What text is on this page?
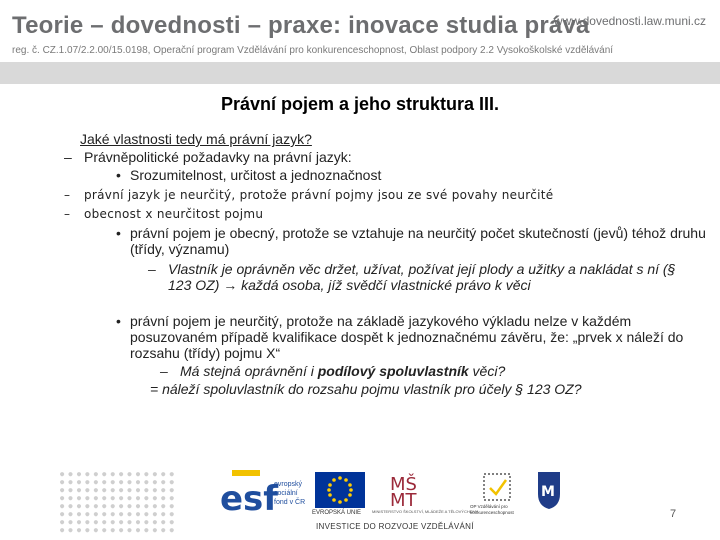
Teorie – dovednosti – praxe: inovace studia práva
www.dovednosti.law.muni.cz
reg. č. CZ.1.07/2.2.00/15.0198, Operační program Vzdělávání pro konkurenceschopnost, Oblast podpory 2.2 Vysokoškolské vzdělávání
Právní pojem a jeho struktura III.
Jaké vlastnosti tedy má právní jazyk?
– Právněpolitické požadavky na právní jazyk:
• Srozumitelnost, určitost a jednoznačnost
– právní jazyk je neurčitý, protože právní pojmy jsou ze své povahy neurčité
– obecnost x neurčitost pojmu
• právní pojem je obecný, protože se vztahuje na neurčitý počet skutečností (jevů) téhož druhu (třídy, významu)
– Vlastník je oprávněn věc držet, užívat, požívat její plody a užitky a nakládat s ní (§ 123 OZ) → každá osoba, jíž svědčí vlastnické právo k věci
• právní pojem je neurčitý, protože na základě jazykového výkladu nelze v každém posuzovaném případě kvalifikace dospět k jednoznačnému závěru, že: „prvek x náleží do rozsahu (třídy) pojmu X“
– Má stejná oprávnění i podílový spoluvlastník věci?
= náleží spoluvlastník do rozsahu pojmu vlastník pro účely § 123 OZ?
● ● ● ● ● ● ● ● ● ● ● ● ● ●
● ● ● ● ● ● ● ● ● ● ● ● ● ●
● ● ● ● ● ● ● ● ● ● ● ● ● ●
● ● ● ● ● ● ● ● ● ● ● ● ● ●
● ● ● ● ● ● ● ● ● ● ● ● ● ●
● ● ● ● ● ● ● ● ● ● ● ● ● ●
● ● ● ● ● ● ● ● ● ● ● ● ● ●
● ● ● ● ● ● ● ● ● ● ● ● ● ●
esf
evropský
sociální
fond v ČR
EVROPSKÁ UNIE
MŠ
MT
MINISTERSTVO ŠKOLSTVÍ, MLÁDEŽE A TĚLOVÝCHOVY
OP Vzdělávání pro
konkurenceschopnost
M
INVESTICE DO ROZVOJE VZDĚLÁVÁNÍ
7
